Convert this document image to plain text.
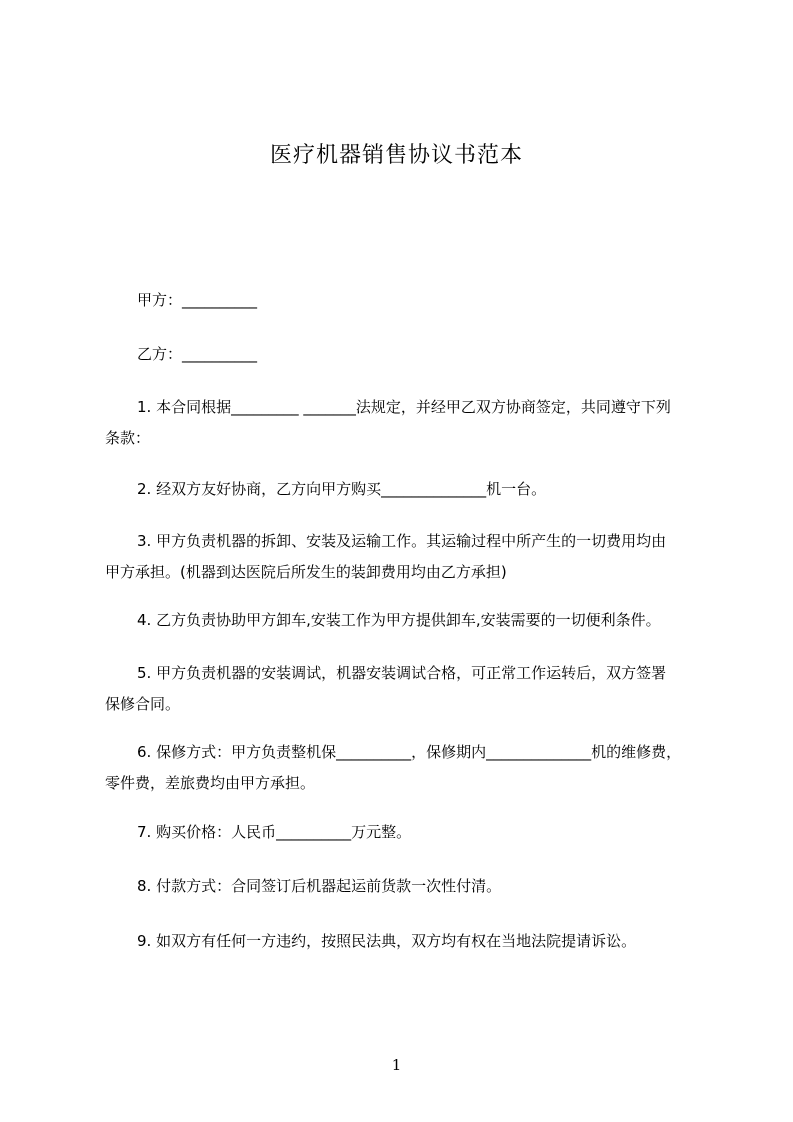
医疗机器销售协议书范本
甲方：__________
乙方：__________
1. 本合同根据_________ _______法规定，并经甲乙双方协商签定，共同遵守下列
条款：
2. 经双方友好协商，乙方向甲方购买______________机一台。
3. 甲方负责机器的拆卸、安装及运输工作。其运输过程中所产生的一切费用均由
甲方承担。(机器到达医院后所发生的装卸费用均由乙方承担)
4. 乙方负责协助甲方卸车,安装工作为甲方提供卸车,安装需要的一切便利条件。
5. 甲方负责机器的安装调试，机器安装调试合格，可正常工作运转后，双方签署
保修合同。
6. 保修方式：甲方负责整机保__________，保修期内______________机的维修费，
零件费，差旅费均由甲方承担。
7. 购买价格：人民币__________万元整。
8. 付款方式：合同签订后机器起运前货款一次性付清。
9. 如双方有任何一方违约，按照民法典，双方均有权在当地法院提请诉讼。
1
